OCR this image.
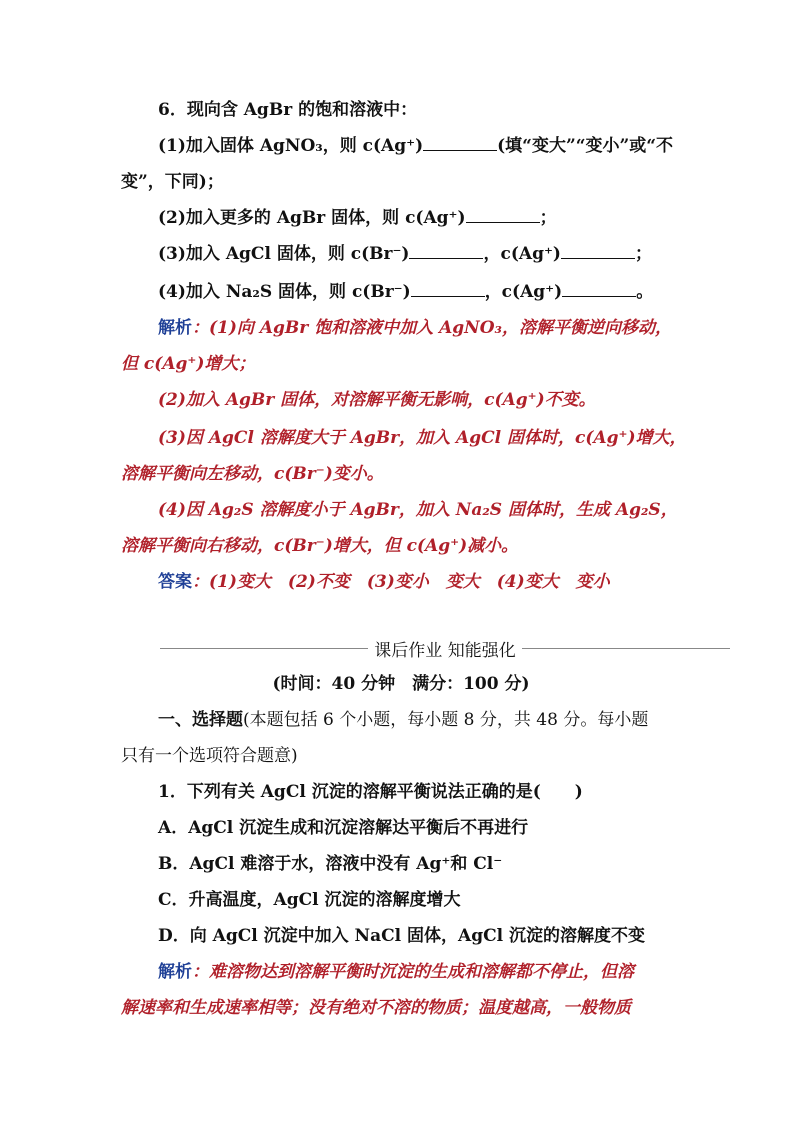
6．现向含 AgBr 的饱和溶液中：
(1)加入固体 AgNO₃，则 c(Ag⁺)	(填“变大”“变小”或“不
变”，下同)；
(2)加入更多的 AgBr 固体，则 c(Ag⁺)	；
(3)加入 AgCl 固体，则 c(Br⁻)	，c(Ag⁺)	；
(4)加入 Na₂S 固体，则 c(Br⁻)	，c(Ag⁺)	。
解析：(1)向 AgBr 饱和溶液中加入 AgNO₃，溶解平衡逆向移动，
但 c(Ag⁺)增大；
(2)加入 AgBr 固体，对溶解平衡无影响，c(Ag⁺)不变。
(3)因 AgCl 溶解度大于 AgBr，加入 AgCl 固体时，c(Ag⁺)增大，
溶解平衡向左移动，c(Br⁻)变小。
(4)因 Ag₂S 溶解度小于 AgBr，加入 Na₂S 固体时，生成 Ag₂S，
溶解平衡向右移动，c(Br⁻)增大，但 c(Ag⁺)减小。
答案：(1)变大　(2)不变　(3)变小　变大　(4)变大　变小
课后作业 知能强化
(时间：40 分钟　满分：100 分)
一、选择题(本题包括 6 个小题，每小题 8 分，共 48 分。每小题
只有一个选项符合题意)
1．下列有关 AgCl 沉淀的溶解平衡说法正确的是(　　)
A．AgCl 沉淀生成和沉淀溶解达平衡后不再进行
B．AgCl 难溶于水，溶液中没有 Ag⁺和 Cl⁻
C．升高温度，AgCl 沉淀的溶解度增大
D．向 AgCl 沉淀中加入 NaCl 固体，AgCl 沉淀的溶解度不变
解析：难溶物达到溶解平衡时沉淀的生成和溶解都不停止，但溶
解速率和生成速率相等；没有绝对不溶的物质；温度越高，一般物质
